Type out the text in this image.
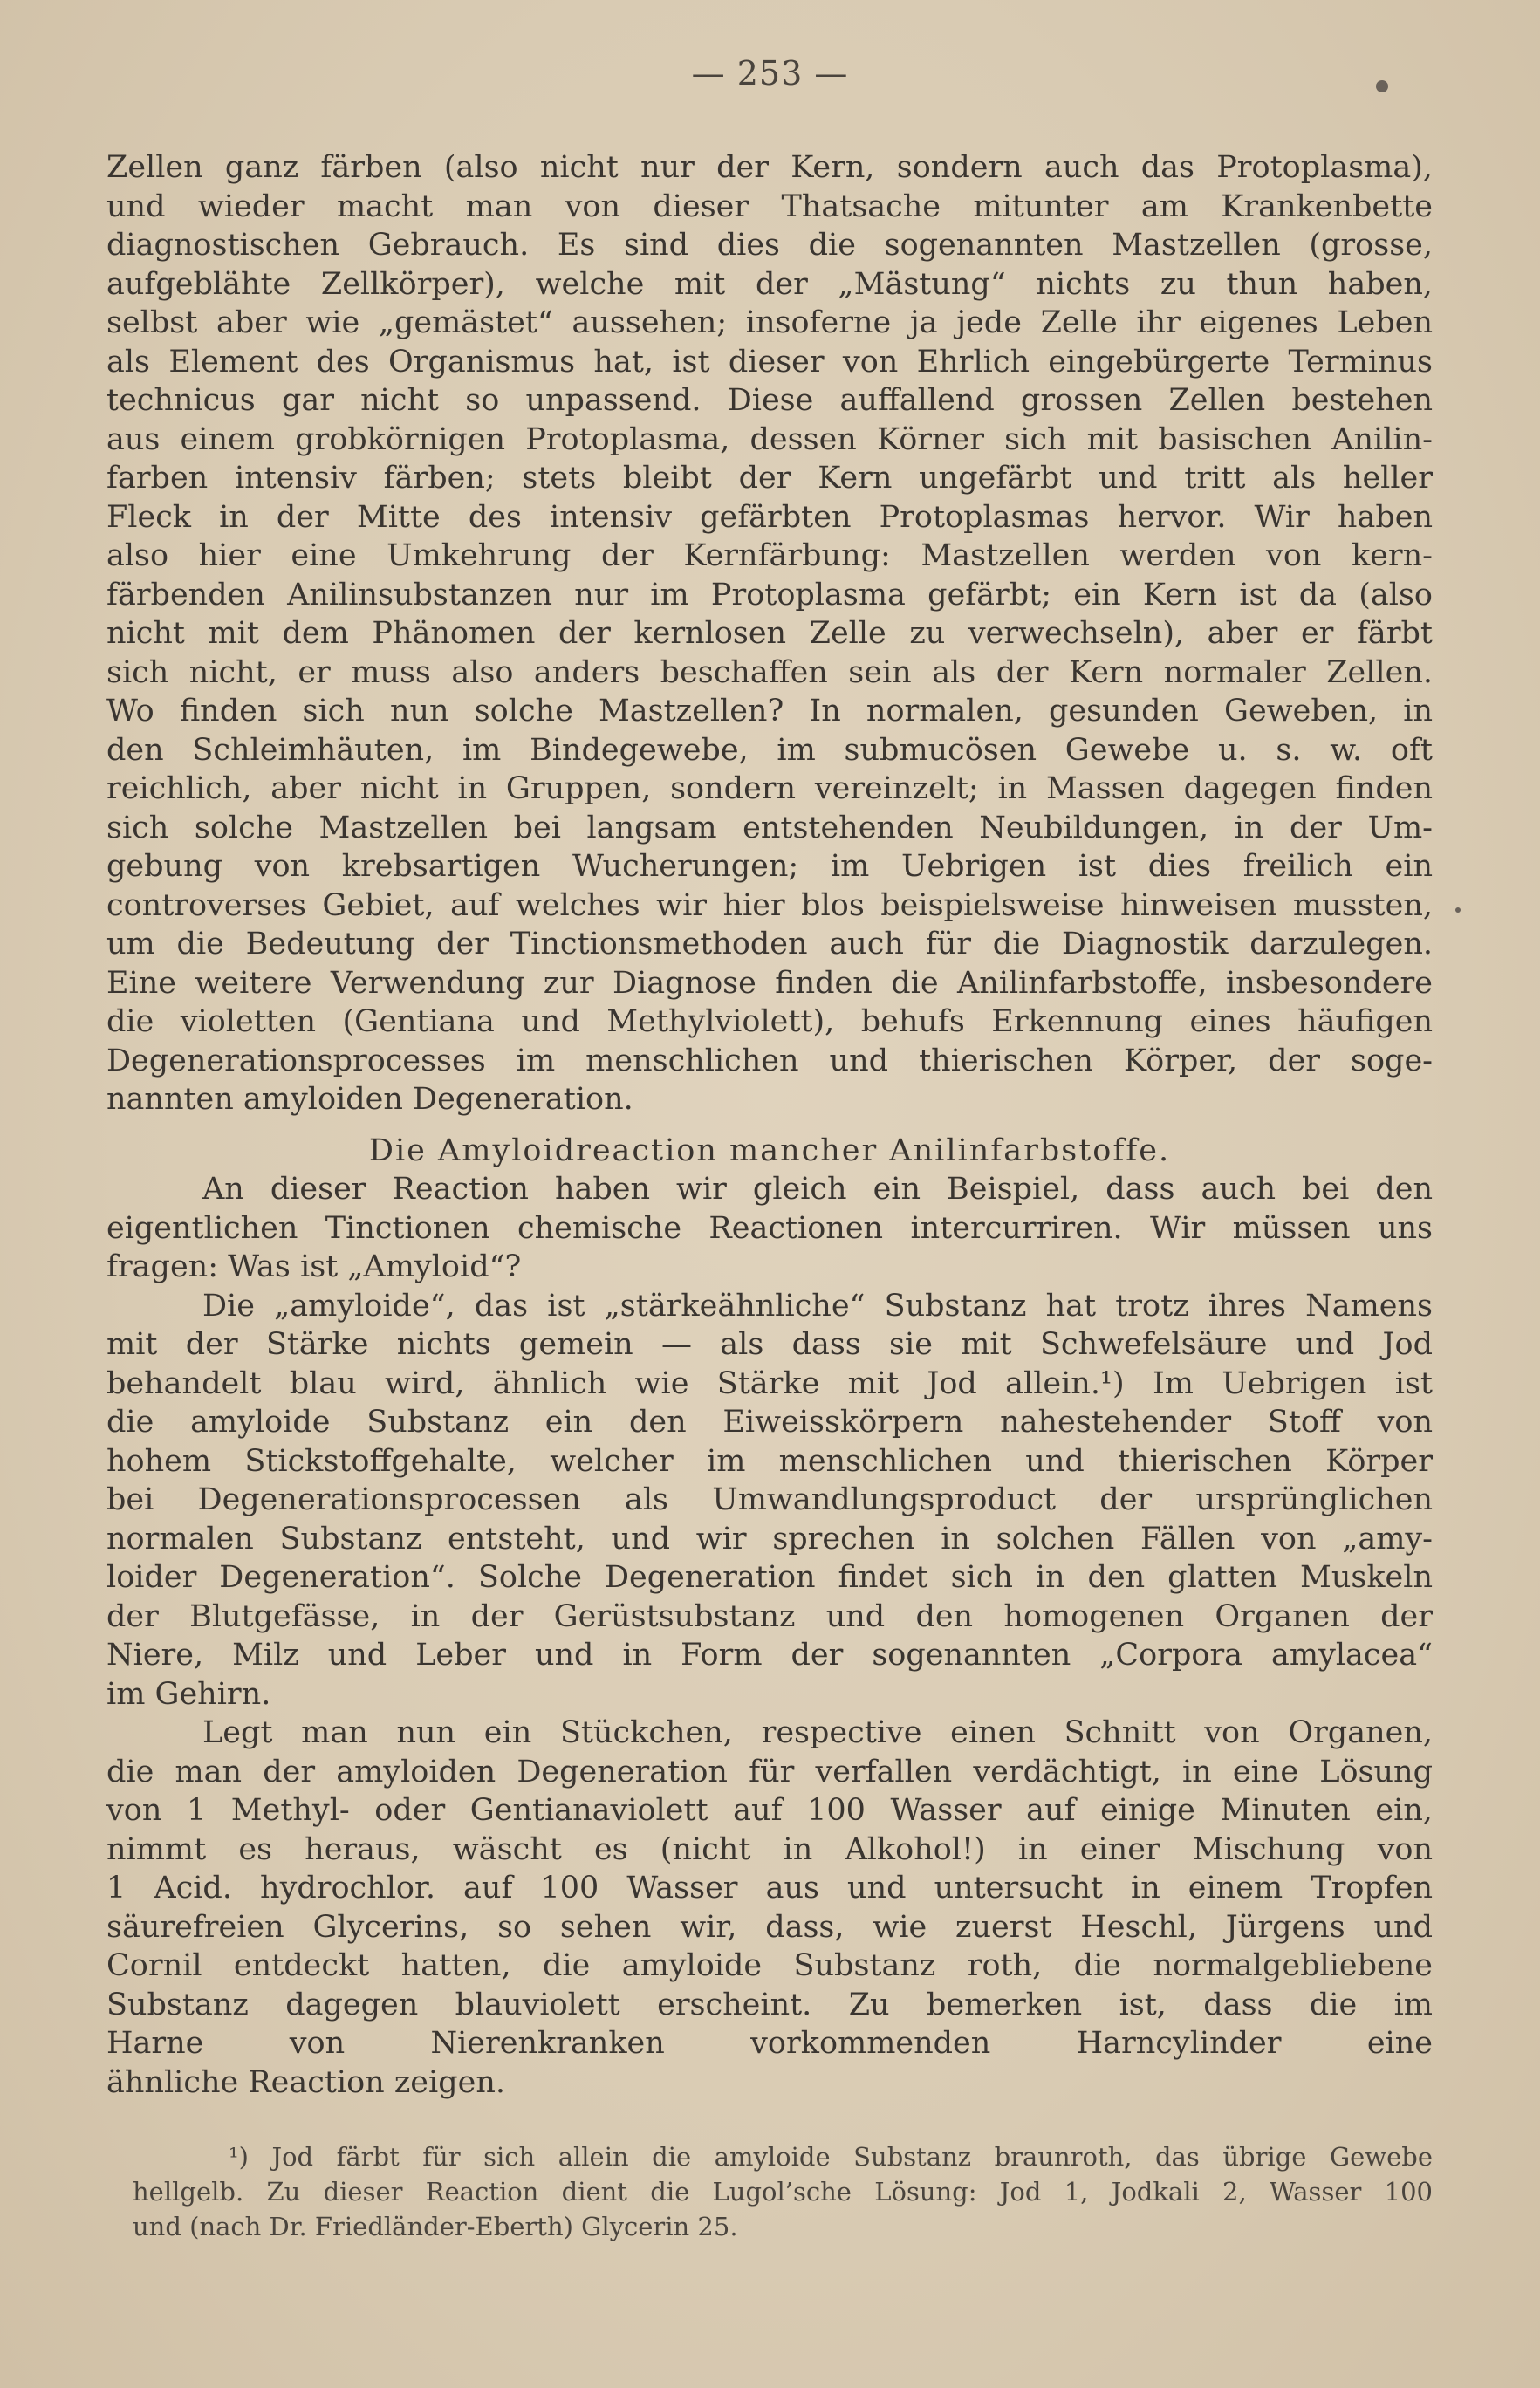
— 253 —
Zellen ganz färben (also nicht nur der Kern, sondern auch das Protoplasma),
und wieder macht man von dieser Thatsache mitunter am Krankenbette
diagnostischen Gebrauch. Es sind dies die sogenannten Mastzellen (grosse,
aufgeblähte Zellkörper), welche mit der „Mästung“ nichts zu thun haben,
selbst aber wie „gemästet“ aussehen; insoferne ja jede Zelle ihr eigenes Leben
als Element des Organismus hat, ist dieser von Ehrlich eingebürgerte Terminus
technicus gar nicht so unpassend. Diese auffallend grossen Zellen bestehen
aus einem grobkörnigen Protoplasma, dessen Körner sich mit basischen Anilin-
farben intensiv färben; stets bleibt der Kern ungefärbt und tritt als heller
Fleck in der Mitte des intensiv gefärbten Protoplasmas hervor. Wir haben
also hier eine Umkehrung der Kernfärbung: Mastzellen werden von kern-
färbenden Anilinsubstanzen nur im Protoplasma gefärbt; ein Kern ist da (also
nicht mit dem Phänomen der kernlosen Zelle zu verwechseln), aber er färbt
sich nicht, er muss also anders beschaffen sein als der Kern normaler Zellen.
Wo finden sich nun solche Mastzellen? In normalen, gesunden Geweben, in
den Schleimhäuten, im Bindegewebe, im submucösen Gewebe u. s. w. oft
reichlich, aber nicht in Gruppen, sondern vereinzelt; in Massen dagegen finden
sich solche Mastzellen bei langsam entstehenden Neubildungen, in der Um-
gebung von krebsartigen Wucherungen; im Uebrigen ist dies freilich ein
controverses Gebiet, auf welches wir hier blos beispielsweise hinweisen mussten,
um die Bedeutung der Tinctionsmethoden auch für die Diagnostik darzulegen.
Eine weitere Verwendung zur Diagnose finden die Anilinfarbstoffe, insbesondere
die violetten (Gentiana und Methylviolett), behufs Erkennung eines häufigen
Degenerationsprocesses im menschlichen und thierischen Körper, der soge-
nannten amyloiden Degeneration.
Die Amyloidreaction mancher Anilinfarbstoffe.
An dieser Reaction haben wir gleich ein Beispiel, dass auch bei den
eigentlichen Tinctionen chemische Reactionen intercurriren. Wir müssen uns
fragen: Was ist „Amyloid“?
Die „amyloide“, das ist „stärkeähnliche“ Substanz hat trotz ihres Namens
mit der Stärke nichts gemein — als dass sie mit Schwefelsäure und Jod
behandelt blau wird, ähnlich wie Stärke mit Jod allein.¹) Im Uebrigen ist
die amyloide Substanz ein den Eiweisskörpern nahestehender Stoff von
hohem Stickstoffgehalte, welcher im menschlichen und thierischen Körper
bei Degenerationsprocessen als Umwandlungsproduct der ursprünglichen
normalen Substanz entsteht, und wir sprechen in solchen Fällen von „amy-
loider Degeneration“. Solche Degeneration findet sich in den glatten Muskeln
der Blutgefässe, in der Gerüstsubstanz und den homogenen Organen der
Niere, Milz und Leber und in Form der sogenannten „Corpora amylacea“
im Gehirn.
Legt man nun ein Stückchen, respective einen Schnitt von Organen,
die man der amyloiden Degeneration für verfallen verdächtigt, in eine Lösung
von 1 Methyl- oder Gentianaviolett auf 100 Wasser auf einige Minuten ein,
nimmt es heraus, wäscht es (nicht in Alkohol!) in einer Mischung von
1 Acid. hydrochlor. auf 100 Wasser aus und untersucht in einem Tropfen
säurefreien Glycerins, so sehen wir, dass, wie zuerst Heschl, Jürgens und
Cornil entdeckt hatten, die amyloide Substanz roth, die normalgebliebene
Substanz dagegen blauviolett erscheint. Zu bemerken ist, dass die im
Harne von Nierenkranken vorkommenden Harncylinder eine
ähnliche Reaction zeigen.
¹) Jod färbt für sich allein die amyloide Substanz braunroth, das übrige Gewebe
hellgelb. Zu dieser Reaction dient die Lugol’sche Lösung: Jod 1, Jodkali 2, Wasser 100
und (nach Dr. Friedländer-Eberth) Glycerin 25.
